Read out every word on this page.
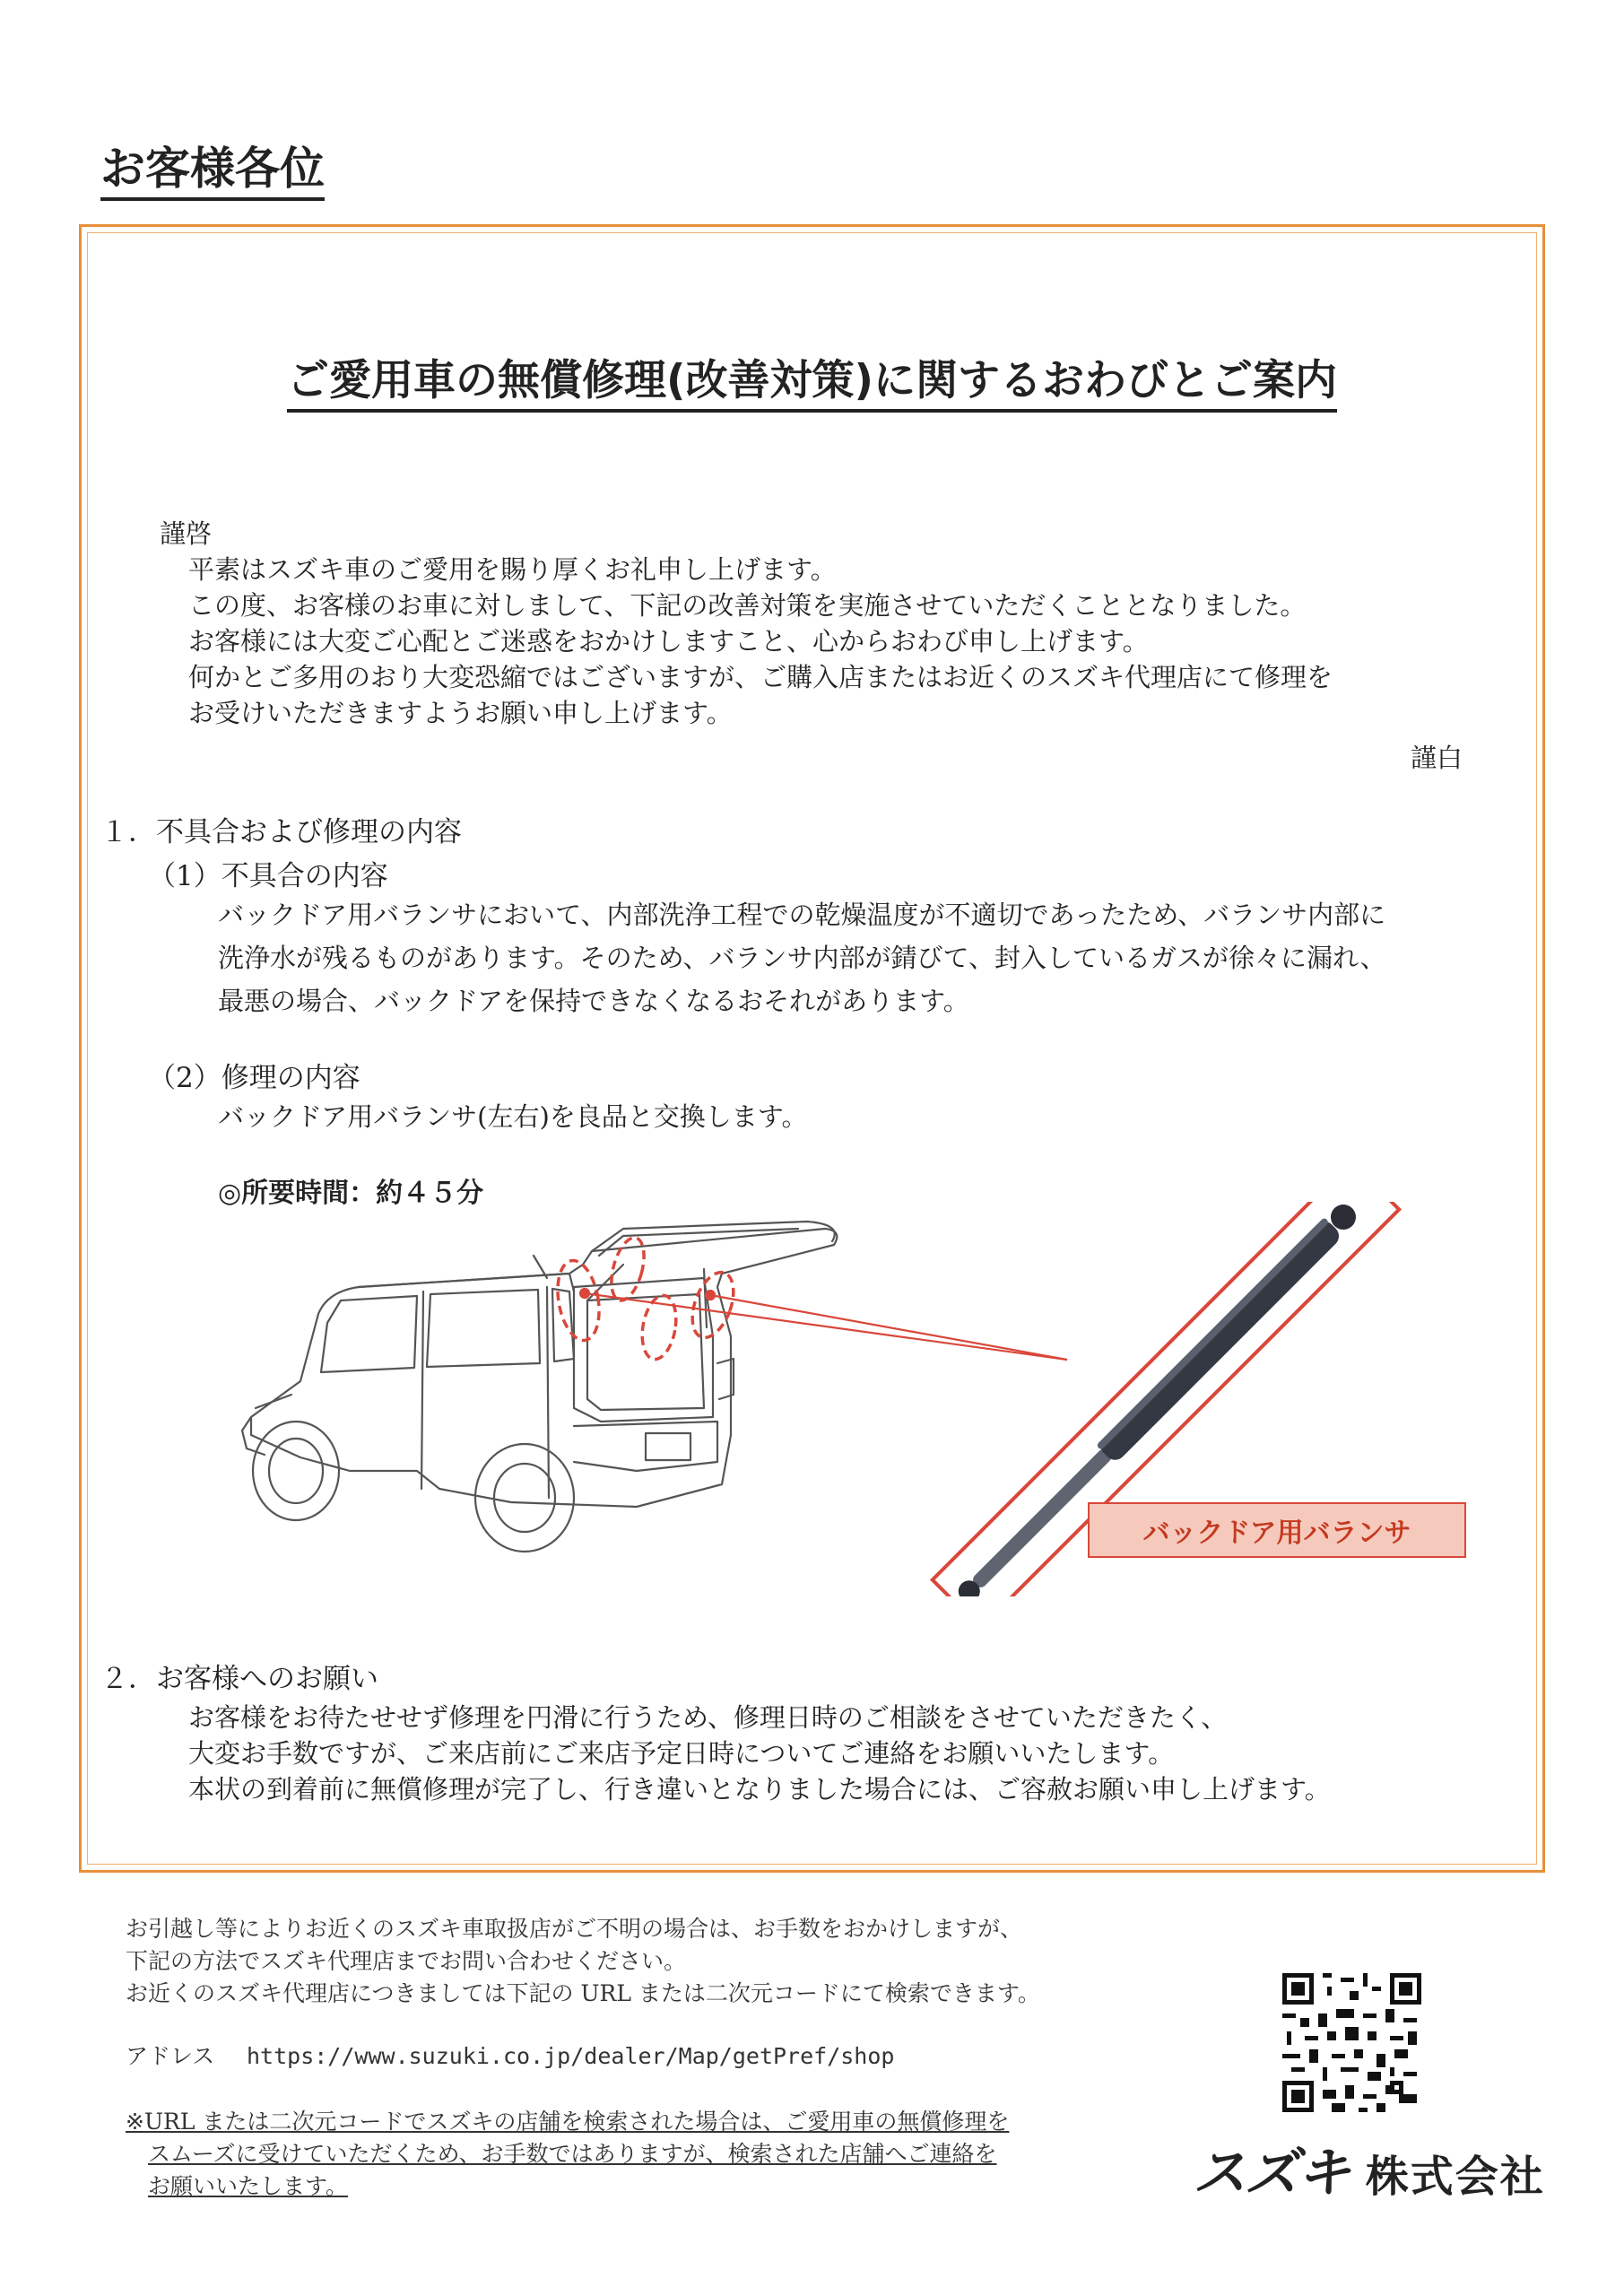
お客様各位
ご愛用車の無償修理(改善対策)に関するおわびとご案内
謹啓
平素はスズキ車のご愛用を賜り厚くお礼申し上げます。
この度、お客様のお車に対しまして、下記の改善対策を実施させていただくこととなりました。
お客様には大変ご心配とご迷惑をおかけしますこと、心からおわび申し上げます。
何かとご多用のおり大変恐縮ではございますが、ご購入店またはお近くのスズキ代理店にて修理を
お受けいただきますようお願い申し上げます。
謹白
１．不具合および修理の内容
（1）不具合の内容
バックドア用バランサにおいて、内部洗浄工程での乾燥温度が不適切であったため、バランサ内部に
洗浄水が残るものがあります。そのため、バランサ内部が錆びて、封入しているガスが徐々に漏れ、
最悪の場合、バックドアを保持できなくなるおそれがあります。
（2）修理の内容
バックドア用バランサ(左右)を良品と交換します。
◎所要時間：約４５分
バックドア用バランサ
２．お客様へのお願い
お客様をお待たせせず修理を円滑に行うため、修理日時のご相談をさせていただきたく、
大変お手数ですが、ご来店前にご来店予定日時についてご連絡をお願いいたします。
本状の到着前に無償修理が完了し、行き違いとなりました場合には、ご容赦お願い申し上げます。
お引越し等によりお近くのスズキ車取扱店がご不明の場合は、お手数をおかけしますが、
下記の方法でスズキ代理店までお問い合わせください。
お近くのスズキ代理店につきましては下記の URL または二次元コードにて検索できます。
アドレス https://www.suzuki.co.jp/dealer/Map/getPref/shop
※URL または二次元コードでスズキの店舗を検索された場合は、ご愛用車の無償修理を
スムーズに受けていただくため、お手数ではありますが、検索された店舗へご連絡を
お願いいたします。	スズキ 株式会社
